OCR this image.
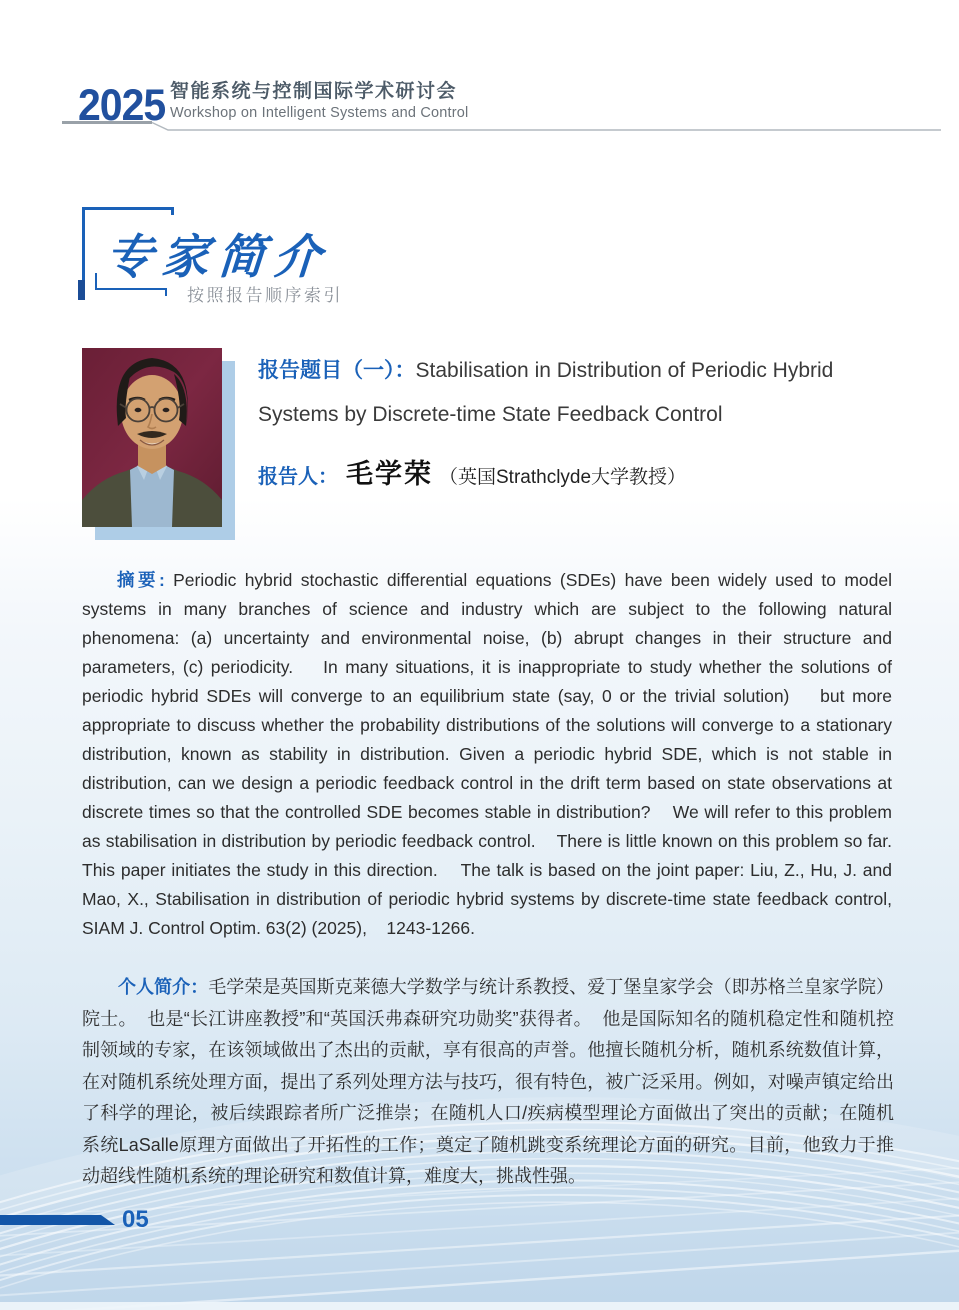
2025 智能系统与控制国际学术研讨会
Workshop on Intelligent Systems and Control
专家简介
按照报告顺序索引
报告题目（一）：Stabilisation in Distribution of Periodic Hybrid Systems by Discrete-time State Feedback Control
报告人： 毛学荣 （英国Strathclyde大学教授）

摘要: Periodic hybrid stochastic differential equations (SDEs) have been widely used to model systems in many branches of science and industry which are subject to the following natural phenomena: (a) uncertainty and environmental noise, (b) abrupt changes in their structure and parameters, (c) periodicity.    In many situations, it is inappropriate to study whether the solutions of periodic hybrid SDEs will converge to an equilibrium state (say, 0 or the trivial solution)    but more appropriate to discuss whether the probability distributions of the solutions will converge to a stationary distribution, known as stability in distribution. Given a periodic hybrid SDE, which is not stable in distribution, can we design a periodic feedback control in the drift term based on state observations at discrete times so that the controlled SDE becomes stable in distribution?    We will refer to this problem as stabilisation in distribution by periodic feedback control.    There is little known on this problem so far. This paper initiates the study in this direction.    The talk is based on the joint paper: Liu, Z., Hu, J. and Mao, X., Stabilisation in distribution of periodic hybrid systems by discrete-time state feedback control, SIAM J. Control Optim. 63(2) (2025),    1243-1266.

个人简介：毛学荣是英国斯克莱德大学数学与统计系教授、爱丁堡皇家学会（即苏格兰皇家学院）院士。  也是“长江讲座教授”和“英国沃弗森研究功勋奖”获得者。  他是国际知名的随机稳定性和随机控制领域的专家，在该领域做出了杰出的贡献，享有很高的声誉。他擅长随机分析，随机系统数值计算，在对随机系统处理方面，提出了系列处理方法与技巧，很有特色，被广泛采用。例如，对噪声镇定给出了科学的理论，被后续跟踪者所广泛推崇；在随机人口/疾病模型理论方面做出了突出的贡献；在随机系统LaSalle原理方面做出了开拓性的工作；奠定了随机跳变系统理论方面的研究。目前，他致力于推动超线性随机系统的理论研究和数值计算，难度大，挑战性强。

05
